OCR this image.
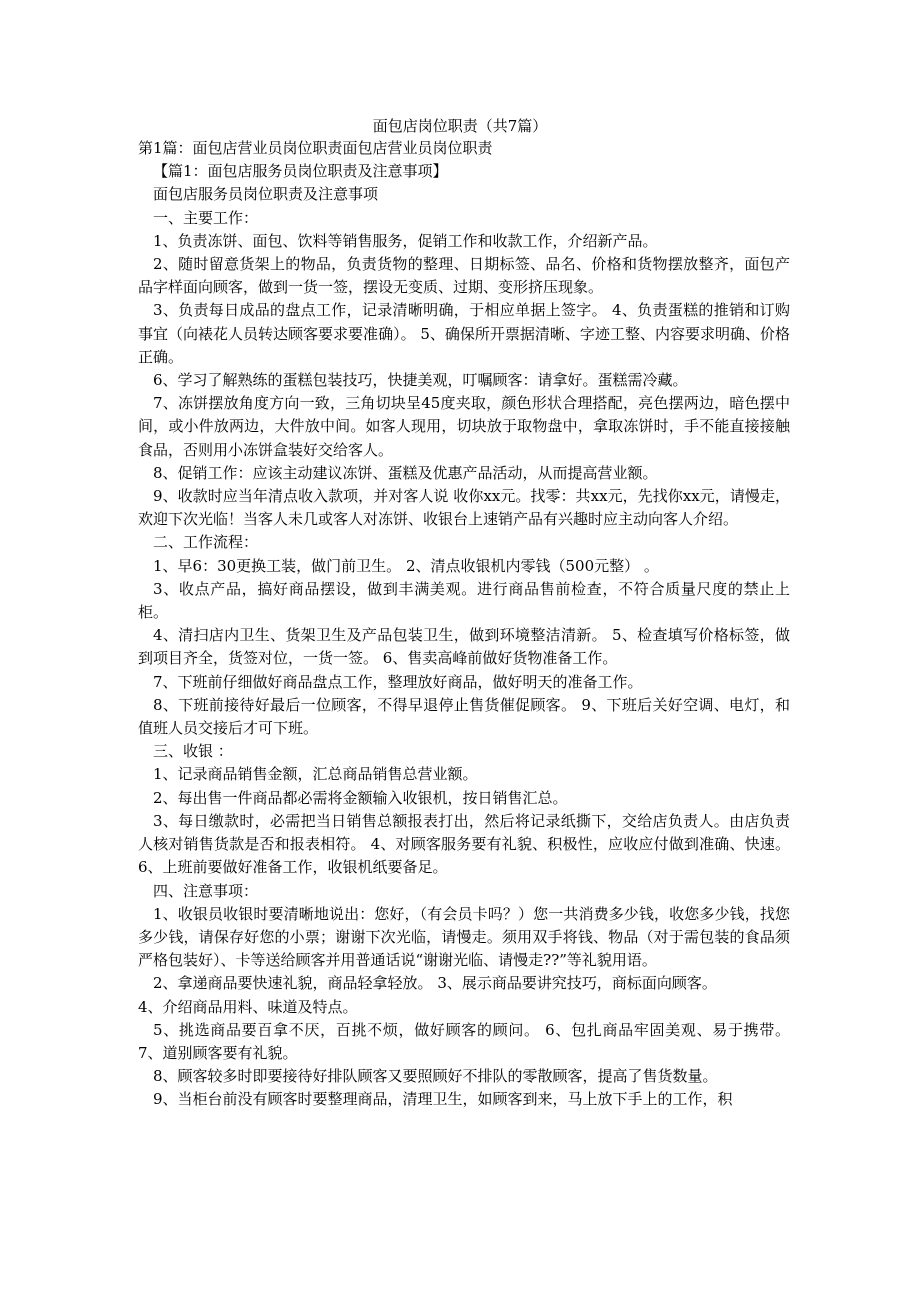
面包店岗位职责（共7篇）

第1篇：面包店营业员岗位职责面包店营业员岗位职责

【篇1：面包店服务员岗位职责及注意事项】

面包店服务员岗位职责及注意事项

一、主要工作：

1、负责冻饼、面包、饮料等销售服务，促销工作和收款工作，介绍新产品。

2、随时留意货架上的物品，负责货物的整理、日期标签、品名、价格和货物摆放整齐，面包产品字样面向顾客，做到一货一签，摆设无变质、过期、变形挤压现象。

3、负责每日成品的盘点工作，记录清晰明确，于相应单据上签字。 4、负责蛋糕的推销和订购事宜（向裱花人员转达顾客要求要准确）。 5、确保所开票据清晰、字迹工整、内容要求明确、价格正确。

6、学习了解熟练的蛋糕包装技巧，快捷美观，叮嘱顾客：请拿好。蛋糕需冷藏。

7、冻饼摆放角度方向一致，三角切块呈45度夹取，颜色形状合理搭配，亮色摆两边，暗色摆中间，或小件放两边，大件放中间。如客人现用，切块放于取物盘中，拿取冻饼时，手不能直接接触食品，否则用小冻饼盒装好交给客人。

8、促销工作：应该主动建议冻饼、蛋糕及优惠产品活动，从而提高营业额。

9、收款时应当年清点收入款项，并对客人说 收你xx元。找零：共xx元，先找你xx元，请慢走，欢迎下次光临！当客人未几或客人对冻饼、收银台上速销产品有兴趣时应主动向客人介绍。

二、工作流程：

1、早6：30更换工装，做门前卫生。 2、清点收银机内零钱（500元整） 。

3、收点产品，搞好商品摆设，做到丰满美观。进行商品售前检查，不符合质量尺度的禁止上柜。

4、清扫店内卫生、货架卫生及产品包装卫生，做到环境整洁清新。 5、检查填写价格标签，做到项目齐全，货签对位，一货一签。 6、售卖高峰前做好货物准备工作。

7、下班前仔细做好商品盘点工作，整理放好商品，做好明天的准备工作。

8、下班前接待好最后一位顾客，不得早退停止售货催促顾客。 9、下班后关好空调、电灯，和值班人员交接后才可下班。

三、收银 ：

1、记录商品销售金额，汇总商品销售总营业额。

2、每出售一件商品都必需将金额输入收银机，按日销售汇总。

3、每日缴款时，必需把当日销售总额报表打出，然后将记录纸撕下，交给店负责人。由店负责人核对销售货款是否和报表相符。 4、对顾客服务要有礼貌、积极性，应收应付做到准确、快速。 6、上班前要做好准备工作，收银机纸要备足。

四、注意事项：

1、收银员收银时要清晰地说出：您好，（有会员卡吗？）您一共消费多少钱，收您多少钱，找您多少钱，请保存好您的小票；谢谢下次光临，请慢走。须用双手将钱、物品（对于需包装的食品须严格包装好）、卡等送给顾客并用普通话说“谢谢光临、请慢走??”等礼貌用语。

2、拿递商品要快速礼貌，商品轻拿轻放。 3、展示商品要讲究技巧，商标面向顾客。

4、介绍商品用料、味道及特点。

5、挑选商品要百拿不厌，百挑不烦，做好顾客的顾问。 6、包扎商品牢固美观、易于携带。 7、道别顾客要有礼貌。

8、顾客较多时即要接待好排队顾客又要照顾好不排队的零散顾客，提高了售货数量。

9、当柜台前没有顾客时要整理商品，清理卫生，如顾客到来，马上放下手上的工作，积
